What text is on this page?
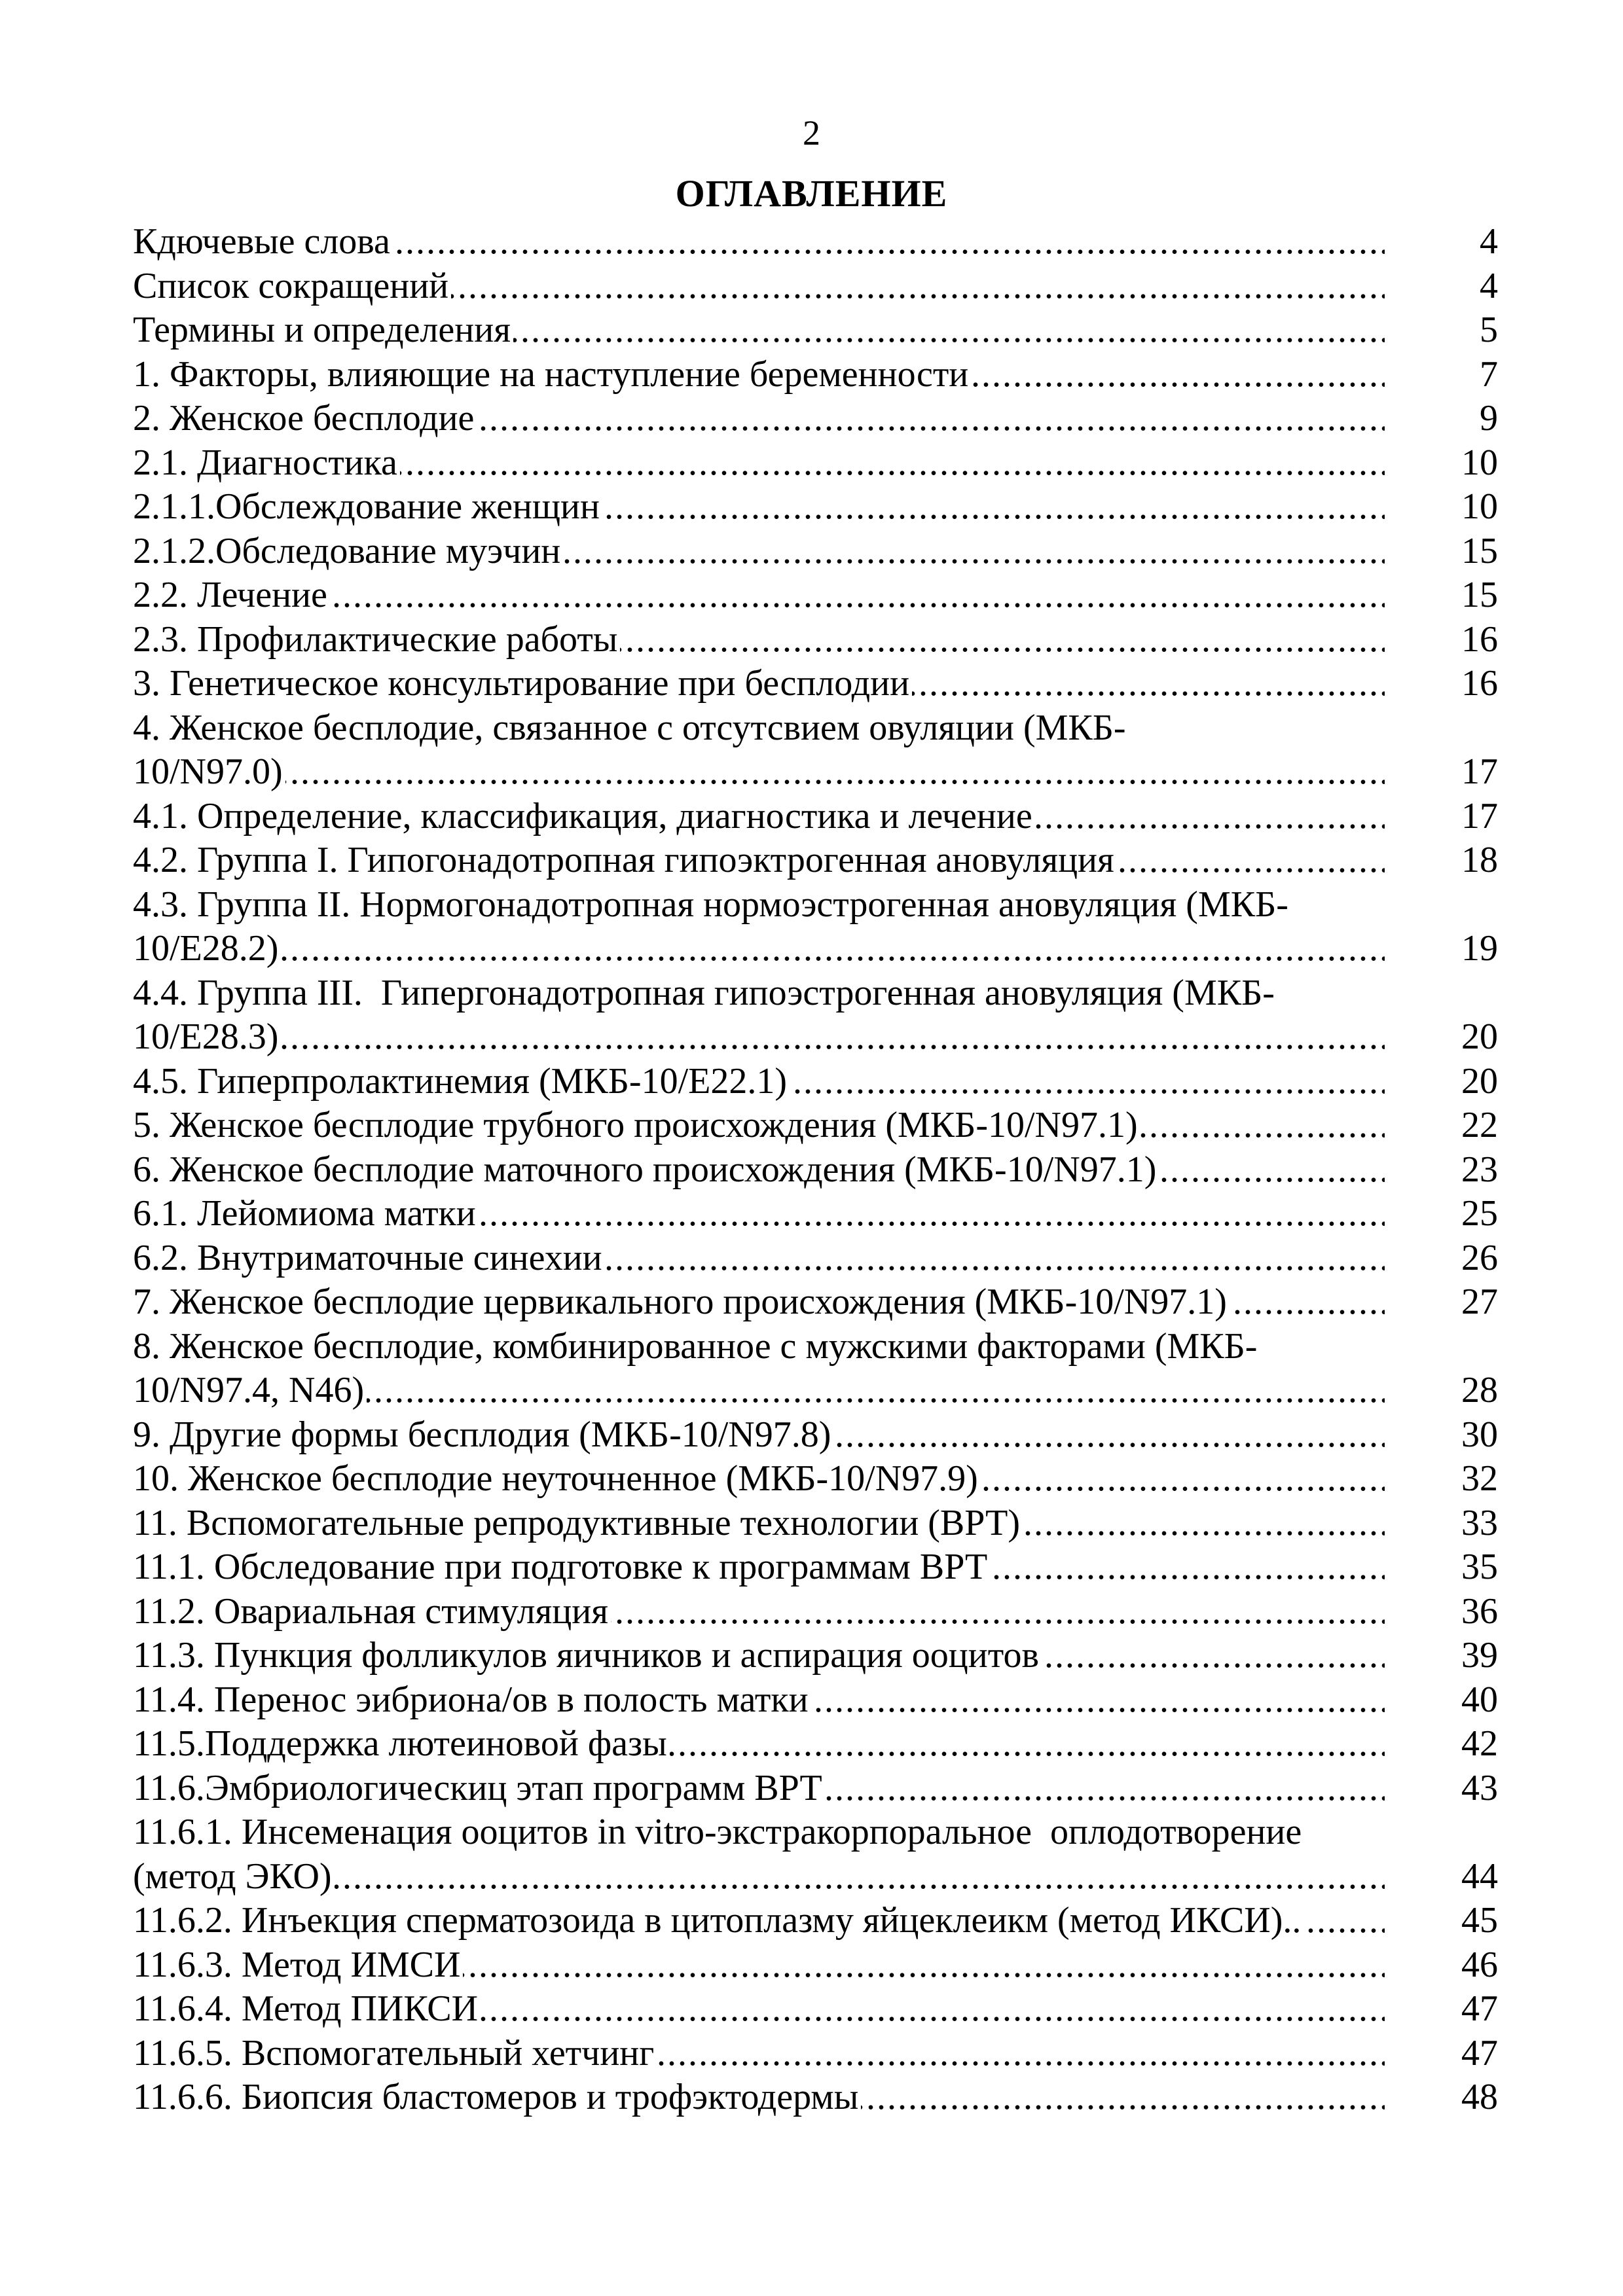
2
ОГЛАВЛЕНИЕ
..... Кдючевые слова	4
..... Список сокращений	4
..... Термины и определения	5
..... 1. Факторы, влияющие на наступление беременности	7
..... 2. Женское бесплодие	9
..... 2.1. Диагностика	10
..... 2.1.1.Обслеждование женщин	10
..... 2.1.2.Обследование муэчин	15
..... 2.2. Лечение	15
..... 2.3. Профилактические работы	16
..... 3. Генетическое консультирование при бесплодии	16
..... 4. Женское бесплодие, связанное с отсутсвием овуляции (МКБ-
10/N97.0)	17
..... 4.1. Определение, классификация, диагностика и лечение	17
..... 4.2. Группа I. Гипогонадотропная гипоэктрогенная ановуляция	18
..... 4.3. Группа II. Нормогонадотропная нормоэстрогенная ановуляция (МКБ-
10/E28.2)	19
..... 4.4. Группа III.  Гипергонадотропная гипоэстрогенная ановуляция (МКБ-
10/E28.3)	20
..... 4.5. Гиперпролактинемия (МКБ-10/E22.1)	20
..... 5. Женское бесплодие трубного происхождения (МКБ-10/N97.1)	22
..... 6. Женское бесплодие маточного происхождения (МКБ-10/N97.1)	23
..... 6.1. Лейомиома матки	25
..... 6.2. Внутриматочные синехии	26
..... 7. Женское бесплодие цервикального происхождения (МКБ-10/N97.1)	27
..... 8. Женское бесплодие, комбинированное с мужскими факторами (МКБ-
10/N97.4, N46)	28
..... 9. Другие формы бесплодия (МКБ-10/N97.8)	30
..... 10. Женское бесплодие неуточненное (МКБ-10/N97.9)	32
..... 11. Вспомогательные репродуктивные технологии (ВРТ)	33
..... 11.1. Обследование при подготовке к программам ВРТ	35
..... 11.2. Овариальная стимуляция	36
..... 11.3. Пункция фолликулов яичников и аспирация ооцитов	39
..... 11.4. Перенос эибриона/ов в полость матки	40
..... 11.5.Поддержка лютеиновой фазы	42
..... 11.6.Эмбриологическиц этап программ ВРТ	43
..... 11.6.1. Инсеменация ооцитов in vitro-экстракорпоральное  оплодотворение
(метод ЭКО)	44
..... 11.6.2. Инъекция сперматозоида в цитоплазму яйцеклеикм (метод ИКСИ)..	45
..... 11.6.3. Метод ИМСИ	46
..... 11.6.4. Метод ПИКСИ	47
..... 11.6.5. Вспомогательный хетчинг	47
..... 11.6.6. Биопсия бластомеров и трофэктодермы	48
